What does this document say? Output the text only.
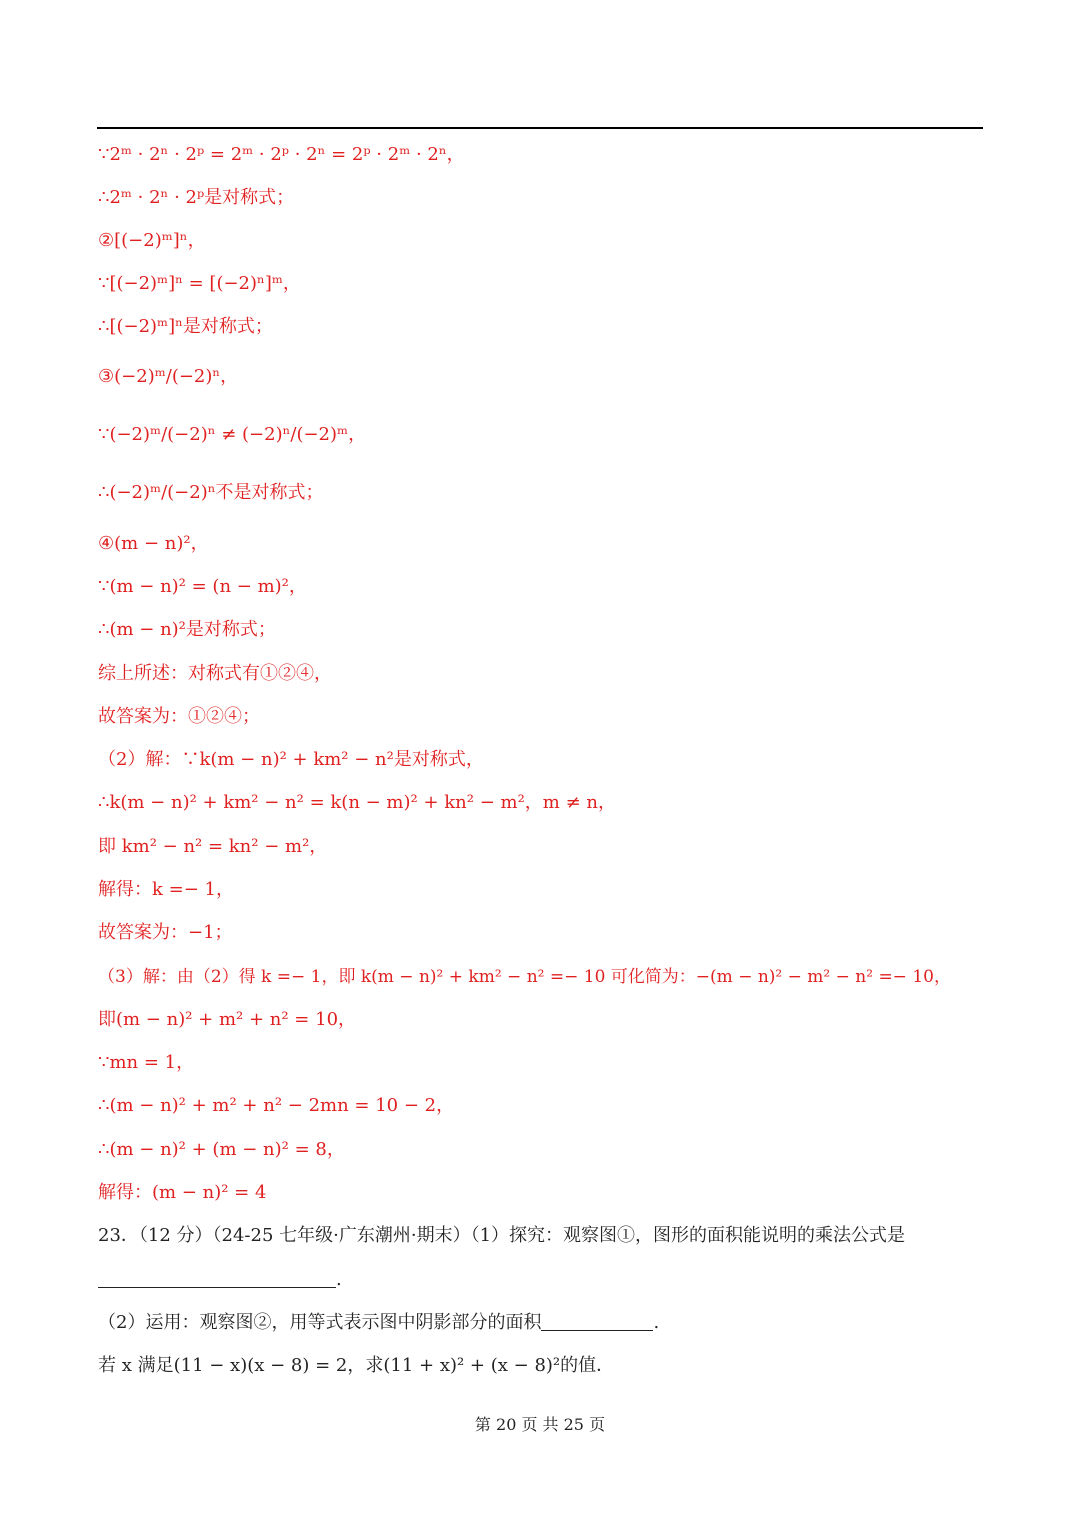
∵2ᵐ · 2ⁿ · 2ᵖ = 2ᵐ · 2ᵖ · 2ⁿ = 2ᵖ · 2ᵐ · 2ⁿ，
∴2ᵐ · 2ⁿ · 2ᵖ是对称式；
②[(−2)ᵐ]ⁿ，
∵[(−2)ᵐ]ⁿ = [(−2)ⁿ]ᵐ，
∴[(−2)ᵐ]ⁿ是对称式；
③(−2)ᵐ/(−2)ⁿ，
∵(−2)ᵐ/(−2)ⁿ ≠ (−2)ⁿ/(−2)ᵐ，
∴(−2)ᵐ/(−2)ⁿ不是对称式；
④(m − n)²，
∵(m − n)² = (n − m)²，
∴(m − n)²是对称式；
综上所述：对称式有①②④，
故答案为：①②④；
（2）解：∵k(m − n)² + km² − n²是对称式，
∴k(m − n)² + km² − n² = k(n − m)² + kn² − m²，m ≠ n，
即 km² − n² = kn² − m²，
解得：k =− 1，
故答案为：−1；
（3）解：由（2）得 k =− 1，即 k(m − n)² + km² − n² =− 10 可化简为：−(m − n)² − m² − n² =− 10，
即(m − n)² + m² + n² = 10，
∵mn = 1，
∴(m − n)² + m² + n² − 2mn = 10 − 2，
∴(m − n)² + (m − n)² = 8，
解得：(m − n)² = 4
23．（12 分）（24-25 七年级·广东潮州·期末）（1）探究：观察图①，图形的面积能说明的乘法公式是
.
（2）运用：观察图②，用等式表示图中阴影部分的面积	.
若 x 满足(11 − x)(x − 8) = 2，求(11 + x)² + (x − 8)²的值．
第 20 页 共 25 页
